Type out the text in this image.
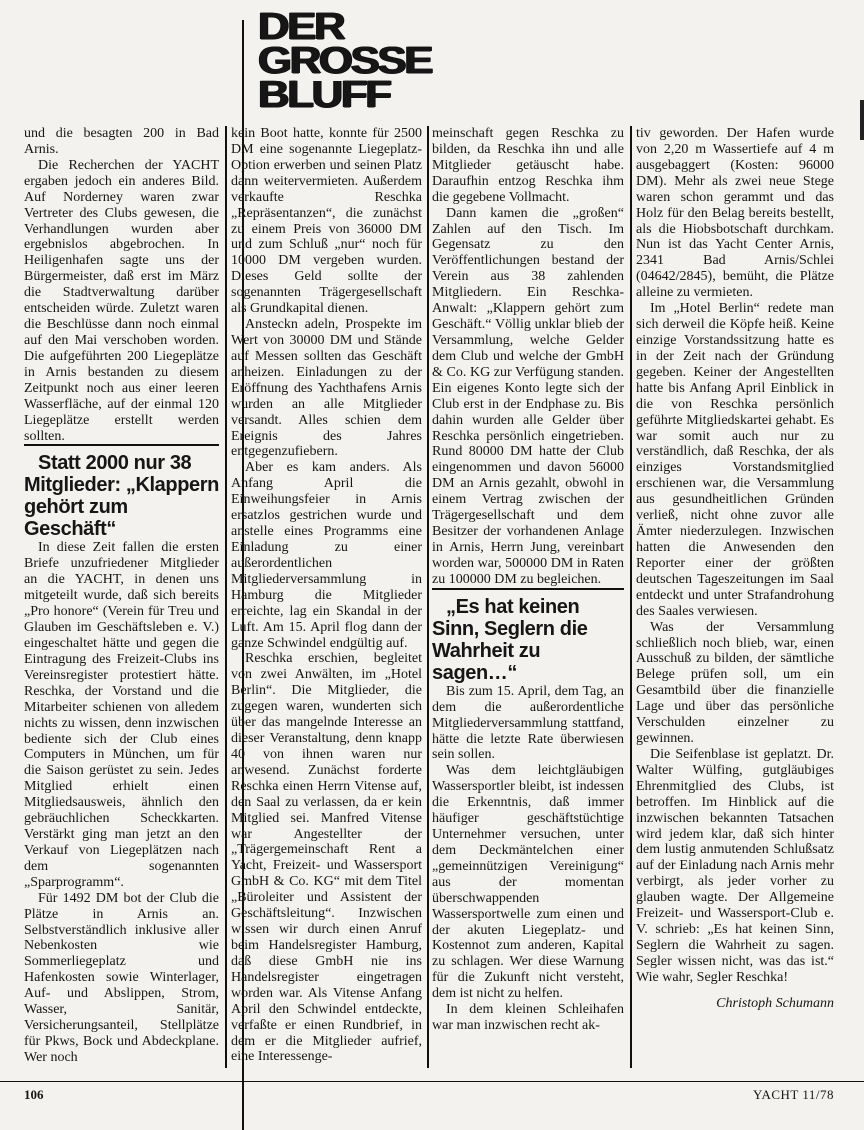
DER
GROSSE
BLUFF

und die besagten 200 in Bad Arnis.

Die Recherchen der YACHT ergaben jedoch ein anderes Bild. Auf Norderney waren zwar Vertreter des Clubs gewesen, die Verhandlungen wurden aber ergebnislos abgebrochen. In Heiligenhafen sagte uns der Bürgermeister, daß erst im März die Stadtverwaltung darüber entscheiden würde. Zuletzt waren die Beschlüsse dann noch einmal auf den Mai verschoben worden. Die aufgeführten 200 Liegeplätze in Arnis bestanden zu diesem Zeitpunkt noch aus einer leeren Wasserfläche, auf der einmal 120 Liegeplätze erstellt werden sollten.

Statt 2000 nur 38 Mitglieder: „Klappern gehört zum Geschäft“

In diese Zeit fallen die ersten Briefe unzufriedener Mitglieder an die YACHT, in denen uns mitgeteilt wurde, daß sich bereits „Pro honore“ (Verein für Treu und Glauben im Geschäftsleben e. V.) eingeschaltet hätte und gegen die Eintragung des Freizeit-Clubs ins Vereinsregister protestiert hätte. Reschka, der Vorstand und die Mitarbeiter schienen von alledem nichts zu wissen, denn inzwischen bediente sich der Club eines Computers in München, um für die Saison gerüstet zu sein. Jedes Mitglied erhielt einen Mitgliedsausweis, ähnlich den gebräuchlichen Scheckkarten. Verstärkt ging man jetzt an den Verkauf von Liegeplätzen nach dem sogenannten „Sparprogramm“.

Für 1492 DM bot der Club die Plätze in Arnis an. Selbstverständlich inklusive aller Nebenkosten wie Sommerliegeplatz und Hafenkosten sowie Winterlager, Auf- und Abslippen, Strom, Wasser, Sanitär, Versicherungsanteil, Stellplätze für Pkws, Bock und Abdeckplane. Wer noch

kein Boot hatte, konnte für 2500 DM eine sogenannte Liegeplatz-Option erwerben und seinen Platz dann weitervermieten. Außerdem verkaufte Reschka „Repräsentanzen“, die zunächst zu einem Preis von 36000 DM und zum Schluß „nur“ noch für 10000 DM vergeben wurden. Dieses Geld sollte der sogenannten Trägergesellschaft als Grundkapital dienen.

Ansteckn adeln, Prospekte im Wert von 30000 DM und Stände auf Messen sollten das Geschäft anheizen. Einladungen zu der Eröffnung des Yachthafens Arnis wurden an alle Mitglieder versandt. Alles schien dem Ereignis des Jahres entgegenzufiebern.

Aber es kam anders. Als Anfang April die Einweihungsfeier in Arnis ersatzlos gestrichen wurde und anstelle eines Programms eine Einladung zu einer außerordentlichen Mitgliederversammlung in Hamburg die Mitglieder erreichte, lag ein Skandal in der Luft. Am 15. April flog dann der ganze Schwindel endgültig auf.

Reschka erschien, begleitet von zwei Anwälten, im „Hotel Berlin“. Die Mitglieder, die zugegen waren, wunderten sich über das mangelnde Interesse an dieser Veranstaltung, denn knapp 40 von ihnen waren nur anwesend. Zunächst forderte Reschka einen Herrn Vitense auf, den Saal zu verlassen, da er kein Mitglied sei. Manfred Vitense war Angestellter der „Trägergemeinschaft Rent a Yacht, Freizeit- und Wassersport GmbH & Co. KG“ mit dem Titel „Büroleiter und Assistent der Geschäftsleitung“. Inzwischen wissen wir durch einen Anruf beim Handelsregister Hamburg, daß diese GmbH nie ins Handelsregister eingetragen worden war. Als Vitense Anfang April den Schwindel entdeckte, verfaßte er einen Rundbrief, in dem er die Mitglieder aufrief, eine Interessenge-

meinschaft gegen Reschka zu bilden, da Reschka ihn und alle Mitglieder getäuscht habe. Daraufhin entzog Reschka ihm die gegebene Vollmacht.

Dann kamen die „großen“ Zahlen auf den Tisch. Im Gegensatz zu den Veröffentlichungen bestand der Verein aus 38 zahlenden Mitgliedern. Ein Reschka-Anwalt: „Klappern gehört zum Geschäft.“ Völlig unklar blieb der Versammlung, welche Gelder dem Club und welche der GmbH & Co. KG zur Verfügung standen. Ein eigenes Konto legte sich der Club erst in der Endphase zu. Bis dahin wurden alle Gelder über Reschka persönlich eingetrieben. Rund 80000 DM hatte der Club eingenommen und davon 56000 DM an Arnis gezahlt, obwohl in einem Vertrag zwischen der Trägergesellschaft und dem Besitzer der vorhandenen Anlage in Arnis, Herrn Jung, vereinbart worden war, 500000 DM in Raten zu 100000 DM zu begleichen.

„Es hat keinen Sinn, Seglern die Wahrheit zu sagen…“

Bis zum 15. April, dem Tag, an dem die außerordentliche Mitgliederversammlung stattfand, hätte die letzte Rate überwiesen sein sollen.

Was dem leichtgläubigen Wassersportler bleibt, ist indessen die Erkenntnis, daß immer häufiger geschäftstüchtige Unternehmer versuchen, unter dem Deckmäntelchen einer „gemeinnützigen Vereinigung“ aus der momentan überschwappenden Wassersportwelle zum einen und der akuten Liegeplatz- und Kostennot zum anderen, Kapital zu schlagen. Wer diese Warnung für die Zukunft nicht versteht, dem ist nicht zu helfen.

In dem kleinen Schleihafen war man inzwischen recht ak-

tiv geworden. Der Hafen wurde von 2,20 m Wassertiefe auf 4 m ausgebaggert (Kosten: 96000 DM). Mehr als zwei neue Stege waren schon gerammt und das Holz für den Belag bereits bestellt, als die Hiobsbotschaft durchkam. Nun ist das Yacht Center Arnis, 2341 Bad Arnis/Schlei (04642/2845), bemüht, die Plätze alleine zu vermieten.

Im „Hotel Berlin“ redete man sich derweil die Köpfe heiß. Keine einzige Vorstandssitzung hatte es in der Zeit nach der Gründung gegeben. Keiner der Angestellten hatte bis Anfang April Einblick in die von Reschka persönlich geführte Mitgliedskartei gehabt. Es war somit auch nur zu verständlich, daß Reschka, der als einziges Vorstandsmitglied erschienen war, die Versammlung aus gesundheitlichen Gründen verließ, nicht ohne zuvor alle Ämter niederzulegen. Inzwischen hatten die Anwesenden den Reporter einer der größten deutschen Tageszeitungen im Saal entdeckt und unter Strafandrohung des Saales verwiesen.

Was der Versammlung schließlich noch blieb, war, einen Ausschuß zu bilden, der sämtliche Belege prüfen soll, um ein Gesamtbild über die finanzielle Lage und über das persönliche Verschulden einzelner zu gewinnen.

Die Seifenblase ist geplatzt. Dr. Walter Wülfing, gutgläubiges Ehrenmitglied des Clubs, ist betroffen. Im Hinblick auf die inzwischen bekannten Tatsachen wird jedem klar, daß sich hinter dem lustig anmutenden Schlußsatz auf der Einladung nach Arnis mehr verbirgt, als jeder vorher zu glauben wagte. Der Allgemeine Freizeit- und Wassersport-Club e. V. schrieb: „Es hat keinen Sinn, Seglern die Wahrheit zu sagen. Segler wissen nicht, was das ist.“ Wie wahr, Segler Reschka!

Christoph Schumann

106	YACHT 11/78
